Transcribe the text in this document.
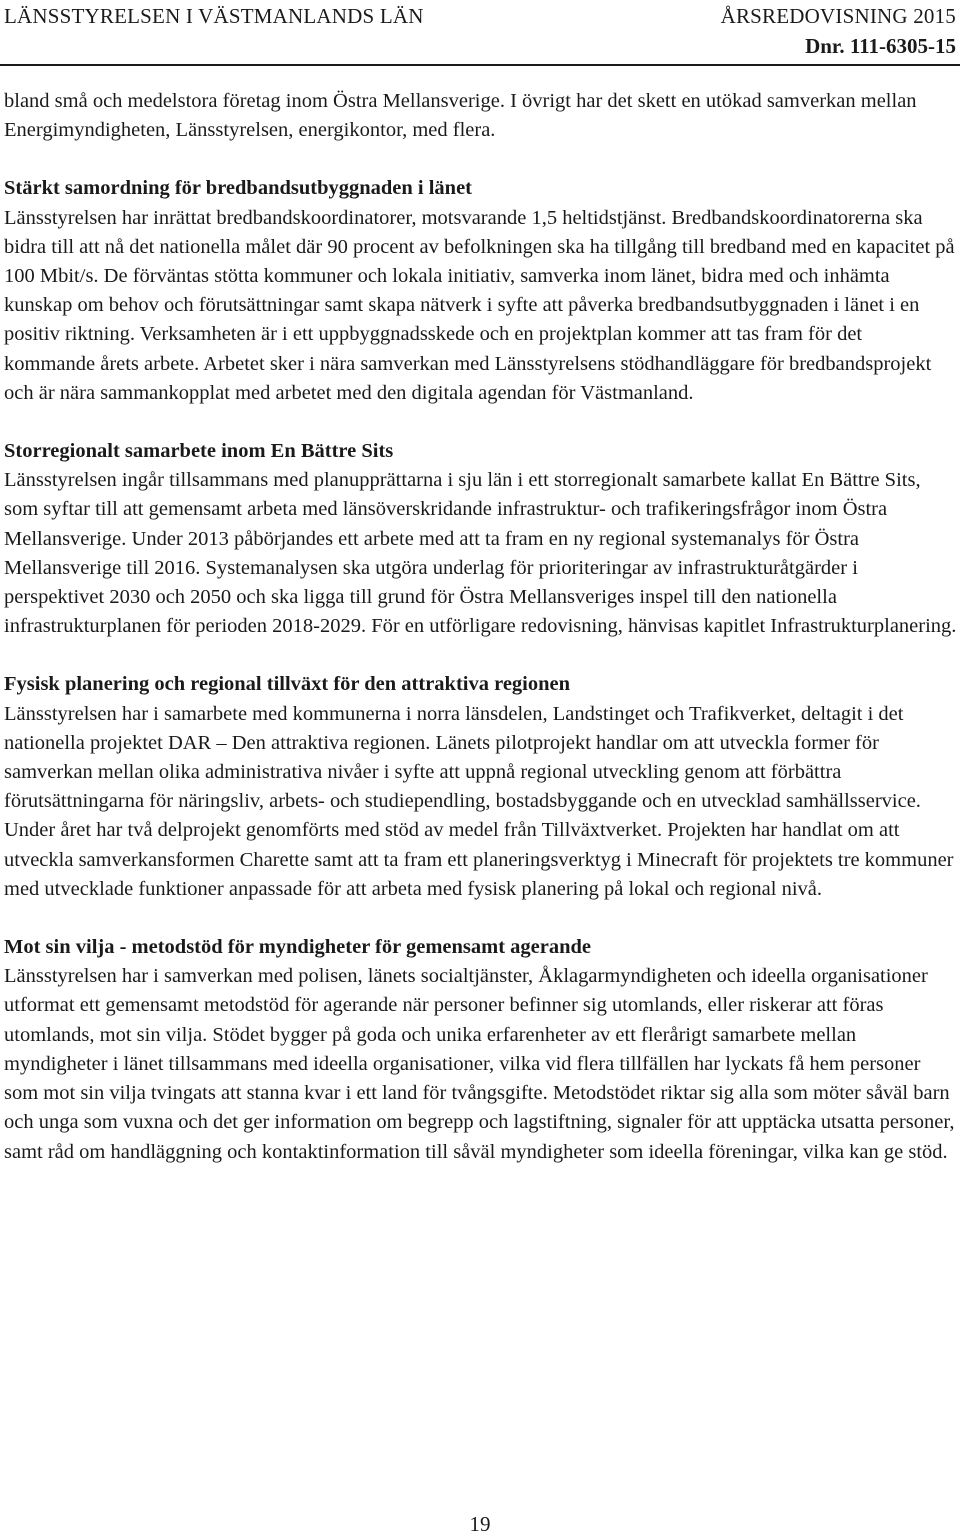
LÄNSSTYRELSEN I VÄSTMANLANDS LÄN	ÅRSREDOVISNING 2015
Dnr. 111-6305-15

bland små och medelstora företag inom Östra Mellansverige. I övrigt har det skett en utökad samverkan mellan Energimyndigheten, Länsstyrelsen, energikontor, med flera.

Stärkt samordning för bredbandsutbyggnaden i länet

Länsstyrelsen har inrättat bredbandskoordinatorer, motsvarande 1,5 heltidstjänst. Bredbandskoordinatorerna ska bidra till att nå det nationella målet där 90 procent av befolkningen ska ha tillgång till bredband med en kapacitet på 100 Mbit/s. De förväntas stötta kommuner och lokala initiativ, samverka inom länet, bidra med och inhämta kunskap om behov och förutsättningar samt skapa nätverk i syfte att påverka bredbandsutbyggnaden i länet i en positiv riktning. Verksamheten är i ett uppbyggnadsskede och en projektplan kommer att tas fram för det kommande årets arbete. Arbetet sker i nära samverkan med Länsstyrelsens stödhandläggare för bredbandsprojekt och är nära sammankopplat med arbetet med den digitala agendan för Västmanland.

Storregionalt samarbete inom En Bättre Sits

Länsstyrelsen ingår tillsammans med planupprättarna i sju län i ett storregionalt samarbete kallat En Bättre Sits, som syftar till att gemensamt arbeta med länsöverskridande infrastruktur- och trafikeringsfrågor inom Östra Mellansverige. Under 2013 påbörjandes ett arbete med att ta fram en ny regional systemanalys för Östra Mellansverige till 2016. Systemanalysen ska utgöra underlag för prioriteringar av infrastrukturåtgärder i perspektivet 2030 och 2050 och ska ligga till grund för Östra Mellansveriges inspel till den nationella infrastrukturplanen för perioden 2018-2029. För en utförligare redovisning, hänvisas kapitlet Infrastrukturplanering.

Fysisk planering och regional tillväxt för den attraktiva regionen

Länsstyrelsen har i samarbete med kommunerna i norra länsdelen, Landstinget och Trafikverket, deltagit i det nationella projektet DAR – Den attraktiva regionen. Länets pilotprojekt handlar om att utveckla former för samverkan mellan olika administrativa nivåer i syfte att uppnå regional utveckling genom att förbättra förutsättningarna för näringsliv, arbets- och studiependling, bostadsbyggande och en utvecklad samhällsservice. Under året har två delprojekt genomförts med stöd av medel från Tillväxtverket. Projekten har handlat om att utveckla samverkansformen Charette samt att ta fram ett planeringsverktyg i Minecraft för projektets tre kommuner med utvecklade funktioner anpassade för att arbeta med fysisk planering på lokal och regional nivå.

Mot sin vilja - metodstöd för myndigheter för gemensamt agerande

Länsstyrelsen har i samverkan med polisen, länets socialtjänster, Åklagarmyndigheten och ideella organisationer utformat ett gemensamt metodstöd för agerande när personer befinner sig utomlands, eller riskerar att föras utomlands, mot sin vilja. Stödet bygger på goda och unika erfarenheter av ett flerårigt samarbete mellan myndigheter i länet tillsammans med ideella organisationer, vilka vid flera tillfällen har lyckats få hem personer som mot sin vilja tvingats att stanna kvar i ett land för tvångsgifte. Metodstödet riktar sig alla som möter såväl barn och unga som vuxna och det ger information om begrepp och lagstiftning, signaler för att upptäcka utsatta personer, samt råd om handläggning och kontaktinformation till såväl myndigheter som ideella föreningar, vilka kan ge stöd.

19
